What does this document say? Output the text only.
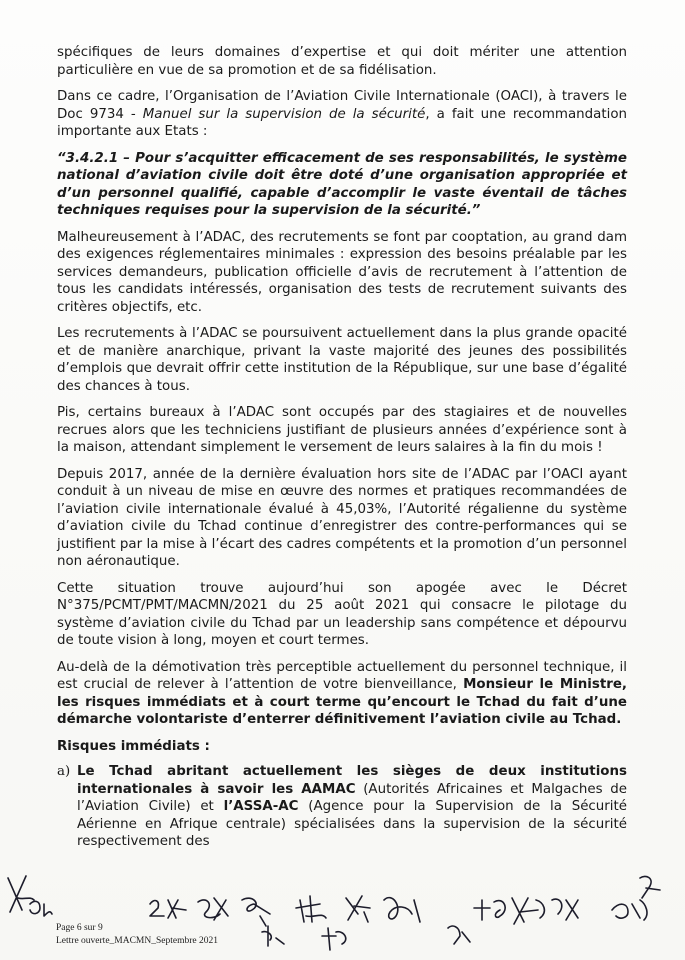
spécifiques de leurs domaines d’expertise et qui doit mériter une attention particulière en vue de sa promotion et de sa fidélisation.

Dans ce cadre, l’Organisation de l’Aviation Civile Internationale (OACI), à travers le Doc 9734 - Manuel sur la supervision de la sécurité, a fait une recommandation importante aux Etats :

“3.4.2.1 – Pour s’acquitter efficacement de ses responsabilités, le système national d’aviation civile doit être doté d’une organisation appropriée et d’un personnel qualifié, capable d’accomplir le vaste éventail de tâches techniques requises pour la supervision de la sécurité.”

Malheureusement à l’ADAC, des recrutements se font par cooptation, au grand dam des exigences réglementaires minimales : expression des besoins préalable par les services demandeurs, publication officielle d’avis de recrutement à l’attention de tous les candidats intéressés, organisation des tests de recrutement suivants des critères objectifs, etc.

Les recrutements à l’ADAC se poursuivent actuellement dans la plus grande opacité et de manière anarchique, privant la vaste majorité des jeunes des possibilités d’emplois que devrait offrir cette institution de la République, sur une base d’égalité des chances à tous.

Pis, certains bureaux à l’ADAC sont occupés par des stagiaires et de nouvelles recrues alors que les techniciens justifiant de plusieurs années d’expérience sont à la maison, attendant simplement le versement de leurs salaires à la fin du mois !

Depuis 2017, année de la dernière évaluation hors site de l’ADAC par l’OACI ayant conduit à un niveau de mise en œuvre des normes et pratiques recommandées de l’aviation civile internationale évalué à 45,03%, l’Autorité régalienne du système d’aviation civile du Tchad continue d’enregistrer des contre-performances qui se justifient par la mise à l’écart des cadres compétents et la promotion d’un personnel non aéronautique.

Cette situation trouve aujourd’hui son apogée avec le Décret N°375/PCMT/PMT/MACMN/2021 du 25 août 2021 qui consacre le pilotage du système d’aviation civile du Tchad par un leadership sans compétence et dépourvu de toute vision à long, moyen et court termes.

Au-delà de la démotivation très perceptible actuellement du personnel technique, il est crucial de relever à l’attention de votre bienveillance, Monsieur le Ministre, les risques immédiats et à court terme qu’encourt le Tchad du fait d’une démarche volontariste d’enterrer définitivement l’aviation civile au Tchad.

Risques immédiats :
a) Le Tchad abritant actuellement les sièges de deux institutions internationales à savoir les AAMAC (Autorités Africaines et Malgaches de l’Aviation Civile) et l’ASSA-AC (Agence pour la Supervision de la Sécurité Aérienne en Afrique centrale) spécialisées dans la supervision de la sécurité respectivement des
Page 6 sur 9
Lettre ouverte_MACMN_Septembre 2021
